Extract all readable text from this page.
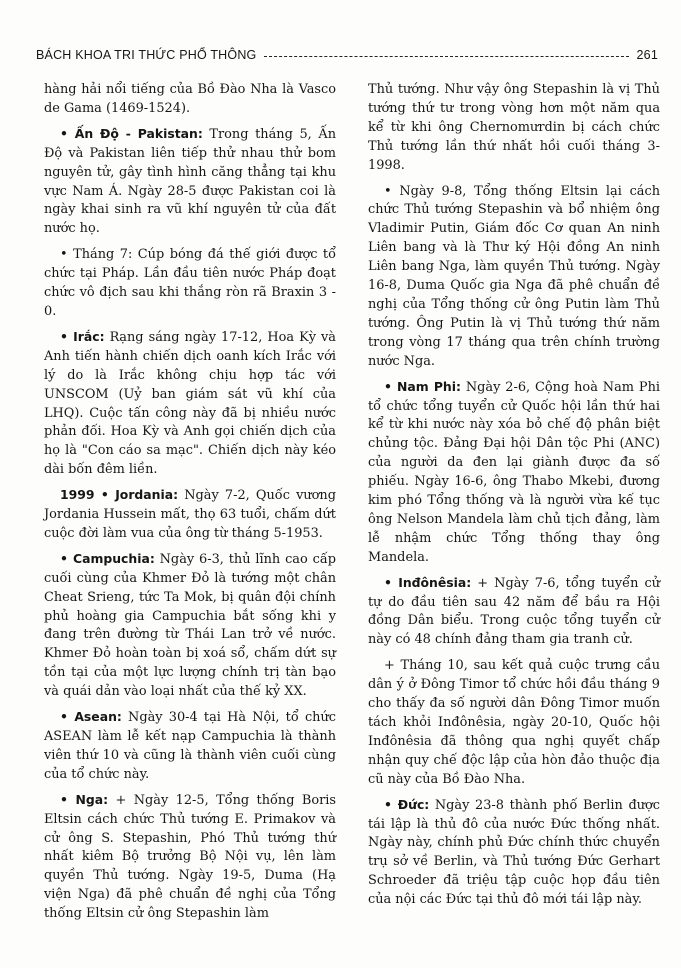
BÁCH KHOA TRI THỨC PHỔ THÔNG	261

hàng hải nổi tiếng của Bồ Đào Nha là Vasco de Gama (1469-1524).

• Ấn Độ - Pakistan: Trong tháng 5, Ấn Độ và Pakistan liên tiếp thử nhau thử bom nguyên tử, gây tình hình căng thẳng tại khu vực Nam Á. Ngày 28-5 được Pakistan coi là ngày khai sinh ra vũ khí nguyên tử của đất nước họ.

• Tháng 7: Cúp bóng đá thế giới được tổ chức tại Pháp. Lần đầu tiên nước Pháp đoạt chức vô địch sau khi thắng ròn rã Braxin 3 - 0.

• Irắc: Rạng sáng ngày 17-12, Hoa Kỳ và Anh tiến hành chiến dịch oanh kích Irắc với lý do là Irắc không chịu hợp tác với UNSCOM (Uỷ ban giám sát vũ khí của LHQ). Cuộc tấn công này đã bị nhiều nước phản đối. Hoa Kỳ và Anh gọi chiến dịch của họ là "Con cáo sa mạc". Chiến dịch này kéo dài bốn đêm liền.

1999 • Jordania: Ngày 7-2, Quốc vương Jordania Hussein mất, thọ 63 tuổi, chấm dứt cuộc đời làm vua của ông từ tháng 5-1953.

• Campuchia: Ngày 6-3, thủ lĩnh cao cấp cuối cùng của Khmer Đỏ là tướng một chân Cheat Srieng, tức Ta Mok, bị quân đội chính phủ hoàng gia Campuchia bắt sống khi y đang trên đường từ Thái Lan trở về nước. Khmer Đỏ hoàn toàn bị xoá sổ, chấm dứt sự tồn tại của một lực lượng chính trị tàn bạo và quái dản vào loại nhất của thế kỷ XX.

• Asean: Ngày 30-4 tại Hà Nội, tổ chức ASEAN làm lễ kết nạp Campuchia là thành viên thứ 10 và cũng là thành viên cuối cùng của tổ chức này.

• Nga: + Ngày 12-5, Tổng thống Boris Eltsin cách chức Thủ tướng E. Primakov và cử ông S. Stepashin, Phó Thủ tướng thứ nhất kiêm Bộ trưởng Bộ Nội vụ, lên làm quyền Thủ tướng. Ngày 19-5, Duma (Hạ viện Nga) đã phê chuẩn đề nghị của Tổng thống Eltsin cử ông Stepashin làm

Thủ tướng. Như vậy ông Stepashin là vị Thủ tướng thứ tư trong vòng hơn một năm qua kể từ khi ông Chernomưrdin bị cách chức Thủ tướng lần thứ nhất hồi cuối tháng 3-1998.

• Ngày 9-8, Tổng thống Eltsin lại cách chức Thủ tướng Stepashin và bổ nhiệm ông Vladimir Putin, Giám đốc Cơ quan An ninh Liên bang và là Thư ký Hội đồng An ninh Liên bang Nga, làm quyền Thủ tướng. Ngày 16-8, Duma Quốc gia Nga đã phê chuẩn đề nghị của Tổng thống cử ông Putin làm Thủ tướng. Ông Putin là vị Thủ tướng thứ năm trong vòng 17 tháng qua trên chính trường nước Nga.

• Nam Phi: Ngày 2-6, Cộng hoà Nam Phi tổ chức tổng tuyển cử Quốc hội lần thứ hai kể từ khi nước này xóa bỏ chế độ phân biệt chủng tộc. Đảng Đại hội Dân tộc Phi (ANC) của người da đen lại giành được đa số phiếu. Ngày 16-6, ông Thabo Mkebi, đương kim phó Tổng thống và là người vừa kế tục ông Nelson Mandela làm chủ tịch đảng, làm lễ nhậm chức Tổng thống thay ông Mandela.

• Inđônêsia: + Ngày 7-6, tổng tuyển cử tự do đầu tiên sau 42 năm để bầu ra Hội đồng Dân biểu. Trong cuộc tổng tuyển cử này có 48 chính đảng tham gia tranh cử.

+ Tháng 10, sau kết quả cuộc trưng cầu dân ý ở Đông Timor tổ chức hồi đầu tháng 9 cho thấy đa số người dân Đông Timor muốn tách khỏi Inđônêsia, ngày 20-10, Quốc hội Inđônêsia đã thông qua nghị quyết chấp nhận quy chế độc lập của hòn đảo thuộc địa cũ này của Bồ Đào Nha.

• Đức: Ngày 23-8 thành phố Berlin được tái lập là thủ đô của nước Đức thống nhất. Ngày này, chính phủ Đức chính thức chuyển trụ sở về Berlin, và Thủ tướng Đức Gerhart Schroeder đã triệu tập cuộc họp đầu tiên của nội các Đức tại thủ đô mới tái lập này.
